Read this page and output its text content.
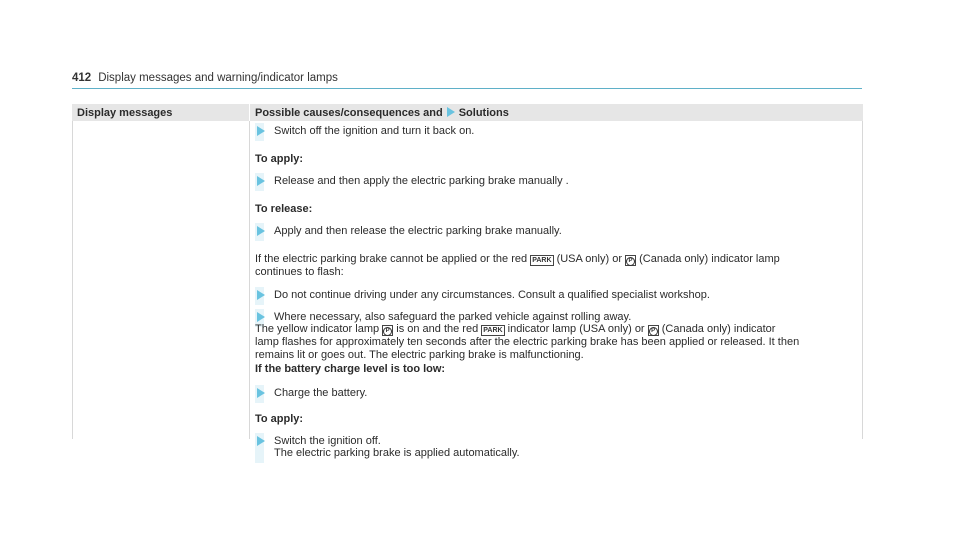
412 Display messages and warning/indicator lamps
Display messages	Possible causes/consequences and Solutions
Switch off the ignition and turn it back on.
To apply:
Release and then apply the electric parking brake manually .
To release:
Apply and then release the electric parking brake manually.
If the electric parking brake cannot be applied or the red PARK (USA only) or P (Canada only) indicator lamp
continues to flash:
Do not continue driving under any circumstances. Consult a qualified specialist workshop.
Where necessary, also safeguard the parked vehicle against rolling away.
The yellow indicator lamp P is on and the red PARK indicator lamp (USA only) or P (Canada only) indicator
lamp flashes for approximately ten seconds after the electric parking brake has been applied or released. It then
remains lit or goes out. The electric parking brake is malfunctioning.
If the battery charge level is too low:
Charge the battery.
To apply:
Switch the ignition off.
The electric parking brake is applied automatically.
